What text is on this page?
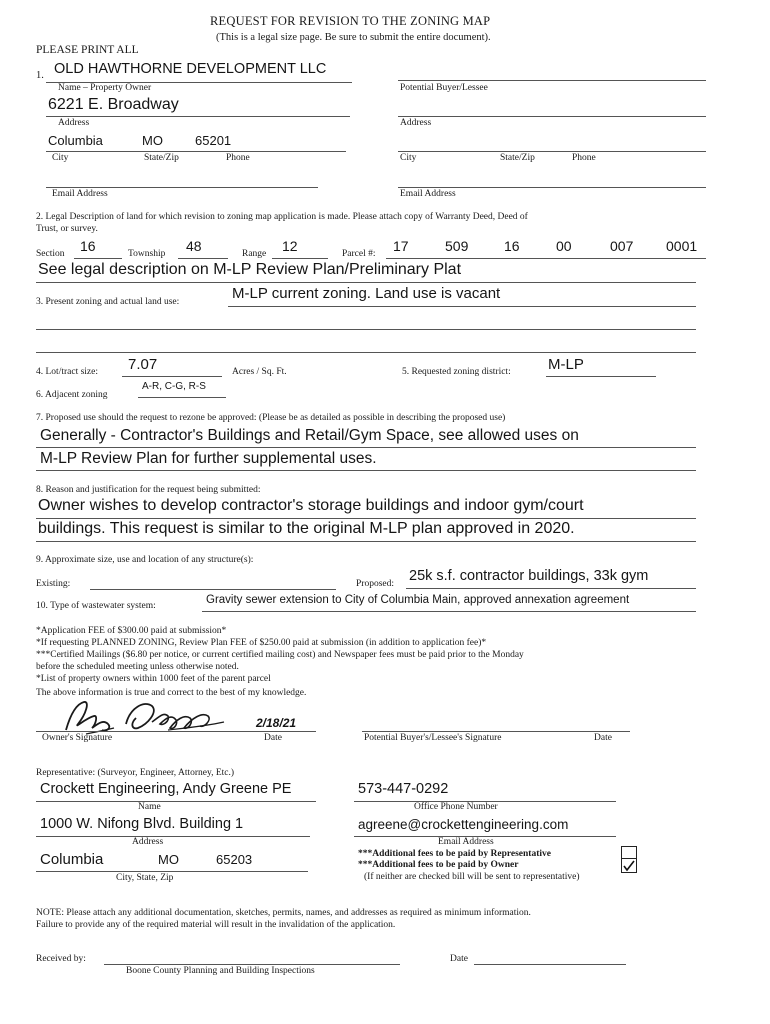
REQUEST FOR REVISION TO THE ZONING MAP
(This is a legal size page. Be sure to submit the entire document).
PLEASE PRINT ALL
1. OLD HAWTHORNE DEVELOPMENT LLC
Name – Property Owner	Potential Buyer/Lessee
6221 E. Broadway
Address	Address
Columbia	MO 65201
City	State/Zip	Phone	City	State/Zip	Phone
Email Address	Email Address
2. Legal Description of land for which revision to zoning map application is made. Please attach copy of Warranty Deed, Deed of
Trust, or survey.
Section 16	Township 48	Range 12	Parcel #: 17	509	16	00	007 0001
See legal description on M-LP Review Plan/Preliminary Plat
3. Present zoning and actual land use:	M-LP current zoning. Land use is vacant
4. Lot/tract size: 7.07	Acres / Sq. Ft.	5. Requested zoning district: M-LP
6. Adjacent zoning
A-R, C-G, R-S
7. Proposed use should the request to rezone be approved: (Please be as detailed as possible in describing the proposed use)
Generally - Contractor's Buildings and Retail/Gym Space, see allowed uses on
M-LP Review Plan for further supplemental uses.
8. Reason and justification for the request being submitted:
Owner wishes to develop contractor's storage buildings and indoor gym/court
buildings. This request is similar to the original M-LP plan approved in 2020.
9. Approximate size, use and location of any structure(s):
Existing:	Proposed: 25k s.f. contractor buildings, 33k gym
10. Type of wastewater system:	Gravity sewer extension to City of Columbia Main, approved annexation agreement
*Application FEE of $300.00 paid at submission*
*If requesting PLANNED ZONING, Review Plan FEE of $250.00 paid at submission (in addition to application fee)*
***Certified Mailings ($6.80 per notice, or current certified mailing cost) and Newspaper fees must be paid prior to the Monday
before the scheduled meeting unless otherwise noted.
*List of property owners within 1000 feet of the parent parcel
The above information is true and correct to the best of my knowledge.
2/18/21
Owner's Signature	Date	Potential Buyer's/Lessee's Signature	Date
Representative: (Surveyor, Engineer, Attorney, Etc.)
Crockett Engineering, Andy Greene PE
Name
573-447-0292
Office Phone Number
1000 W. Nifong Blvd. Building 1
Address
agreene@crockettengineering.com
Email Address
Columbia	MO	65203
City, State, Zip
***Additional fees to be paid by Representative
***Additional fees to be paid by Owner
(If neither are checked bill will be sent to representative)
NOTE: Please attach any additional documentation, sketches, permits, names, and addresses as required as minimum information.
Failure to provide any of the required material will result in the invalidation of the application.
Received by:	Date
Boone County Planning and Building Inspections
